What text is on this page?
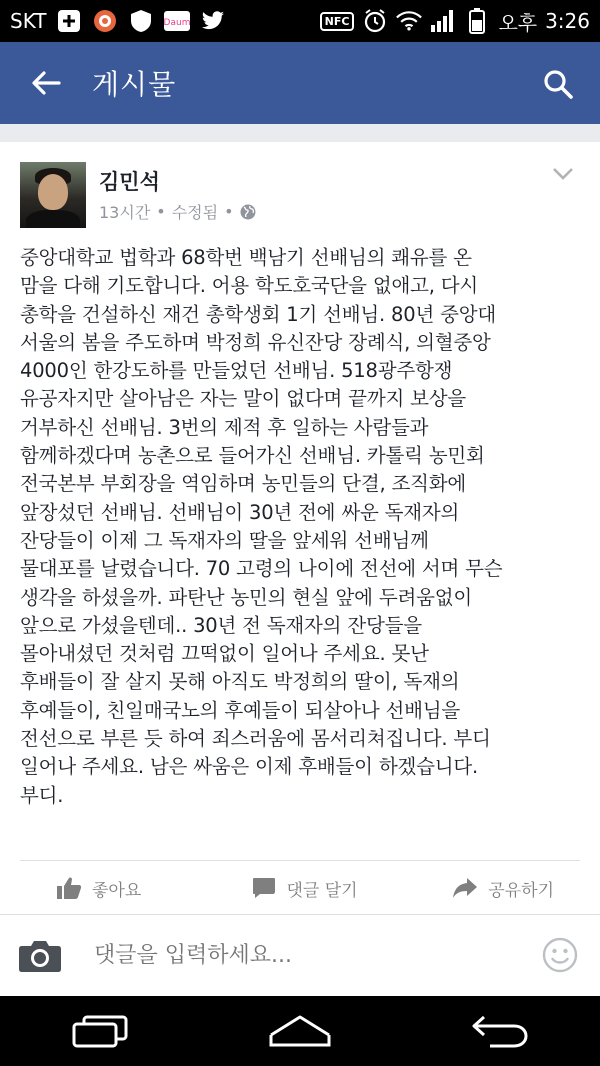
SKT	Daum	NFC	오후 3:26
게시물
김민석
13시간 • 수정됨 •
중앙대학교 법학과 68학번 백남기 선배님의 쾌유를 온
맘을 다해 기도합니다. 어용 학도호국단을 없애고, 다시
총학을 건설하신 재건 총학생회 1기 선배님. 80년 중앙대
서울의 봄을 주도하며 박정희 유신잔당 장례식, 의혈중앙
4000인 한강도하를 만들었던 선배님. 518광주항쟁
유공자지만 살아남은 자는 말이 없다며 끝까지 보상을
거부하신 선배님. 3번의 제적 후 일하는 사람들과
함께하겠다며 농촌으로 들어가신 선배님. 카톨릭 농민회
전국본부 부회장을 역임하며 농민들의 단결, 조직화에
앞장섰던 선배님. 선배님이 30년 전에 싸운 독재자의
잔당들이 이제 그 독재자의 딸을 앞세워 선배님께
물대포를 날렸습니다. 70 고령의 나이에 전선에 서며 무슨
생각을 하셨을까. 파탄난 농민의 현실 앞에 두려움없이
앞으로 가셨을텐데.. 30년 전 독재자의 잔당들을
몰아내셨던 것처럼 끄떡없이 일어나 주세요. 못난
후배들이 잘 살지 못해 아직도 박정희의 딸이, 독재의
후예들이, 친일매국노의 후예들이 되살아나 선배님을
전선으로 부른 듯 하여 죄스러움에 몸서리쳐집니다. 부디
일어나 주세요. 남은 싸움은 이제 후배들이 하겠습니다.
부디.
좋아요	댓글 달기	공유하기
댓글을 입력하세요...
